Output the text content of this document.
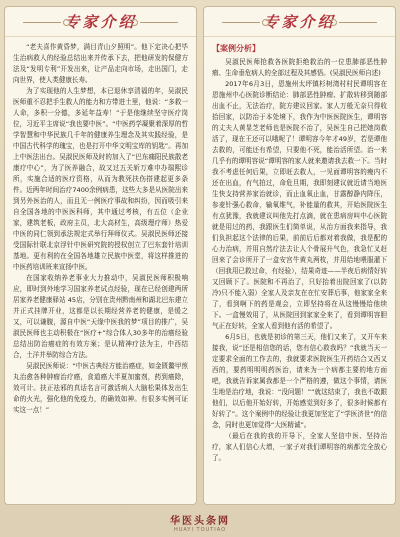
专家介绍

“老夫喜作黄昏梦，满目青山夕照明”。他下定决心把毕生治病救人的经验总结出来并传承下去，把他研发的保健方法及“发明专利”开发出来，让产品走向市场，走出国门，走向世界，使人类健康长寿。

为了实现他的人生梦想，本已退休享清福的年，吴淑民医师重不忍把手生救人的能力和方带进土里，他说：“多救一人命，多积一分德，多延年益寿！”于是他继续坚守医疗岗位，习近平主席说“我也要中医”。“中医药学凝聚着深厚的哲学智慧和中华民族几千年的健康养生理念及其实践经验，是中国古代科学的瑰宝，也是打开中华文明宝库的钥匙”。再加上中医法出台。吴淑民医师及时的加入了“巴东痛阳民族散老康疗中心”，为了医养融合，故又过五关斩万难申办瑞熙诊所，实施合适的医疗资格，从而为教死扶伤搭建起更多条件。近两年时间治疗7400余例病患，这些大多是从医院出来到另外医治的人，而且无一例医疗事故和纠纷，因而吸引来自全国各地的中医医科师，其中通过考核，有五位（企业家，建筑老板，政府主员，北大高材生，高级理疗师）热爱中医的同仁领到承法规定式举行拜师仪式。吴淑民医师还接受国际针联北京浮针中医研究院的授权创立了巴东套针培训基地。更有利的在全国各地雄立民族中医堂，将这样推进的中医药培训班来宣扬中医。

在国家收纳养老事业大力推动中，吴淑民医师积极响应，即时到外地学习国家养老试点经验，现在已经创建两所居家养老健康驿站 45店，分别在贵州黔南州和湖北巴东建立并正式挂牌开业，这都是以长期经营养老的健康，是缓之又，可以谦腹，源自中医“天缘中医我的梦”项目的推广，吴淑民医师也主动积极在“医疗+”综合体人30多年的治癌经验总结出防治癌症的有效方案；是认精神疗法为主，中西结合，土洋并举防综合方法。

吴淑民医师说：“中医古典经方能治癌症，如金匮鳖甲煎丸治愈各种肿瘤治疗癌，食道癌大半夏加蜜剂，药到癌除，效可计。扶正祛邪的真话名言可激活病人大脑松果体发出生命的火光，强化他的免疫力，的确效如神。有很多实例可证实这一点！”

专家介绍

【案例分析】

吴淑民医师抢救各医院拒绝救治的一位患肺部恶性肿瘤、生命垂危病人的全部过程及其感悟。(吴淑民医师自述)

2017年6月3日，恩施州太坪镇杉树湾村村民谭明容在恩施州中心医院诊断结论：肺部恶性肿瘤、扩散转移到随部出血不止，无法治疗，院方建议回家。家人万般无奈只得收拾回家，以防治于本处境下，我作为中医医院医生，谭明容的丈夫人黄显芝老师也是医院不治了，吴医生自己把她岗救活了，现在王还可以哦呢了！谭明容今年才49岁，若是谭他去救的，可能还有希望，只要他不死，能治活所望。治一来几乎有的谭明容说“谭明容的家人就来邀请我去救一下。当时我不考虑任何后果，立即赶去救人，一见面谭明容的瘦内不还在出血，有气拍过，命危旦期，我即刻建议就近请当地医生快支持营养家治就诊，而止血氧止血，甘露醇静内降压，参麦针强心救命，输氧维气，补能量的救其，开始医院医生有点犹豫，我就建议叫他先打点滴，就在患病房叫中心医院就是用过的药，我跟医生们简单说，从治方面我来指导，我们负担起这个法律的后果，前前后后都对着我做，我是配的心力治病，并用自然疗法去让人个骨展升气色，我急忙叉赶回来了会诊所开了一盒安宫牛黄丸两枚，并用给地喂服灌下（回我用已救过命，有经验），结果奇迹——半夜后病情好转又回顾下了。医院和不再治了，只好抬着出院回家了(以防冷)只不能入弱）全家人及亲友在在忙安葬后事，他家家全来了，看到啊下的药是观会，立即坚持将在从这慢慢给他续下。一盒慢效用了，从医院回到家家全来了，看到谭明容胆气正在好转，全家人看到他有活的希望了。

6月5日，也就是初诊的第三天，他们又来了，又开车来接我，说“还是相信您的话，您有信心救我吗？”我就当天一定要求全面的工作去的，我就要求医院医生开药结合又西又西的，要药明明明药医治，请来为一个病都主要的地方面吧，我就告诉家属我都是一个严格的遵，做这个事情，请医生地是治疗地，我说：“没问题！”“就这结束了，我也不敢跟他们，以后他开始好转，开始感觉到好多了，很多时候都有好转了”。这个案例中的经验让我更加坚定了“学医济世”的信念，同时也更加觉得“大医精诚”。

（最后在我的我的开导下，全家人坚信中医、坚持治疗，家人们信心大增，一家子对我们谭明容的病都完全放心了。

华医头条网
HUAYI TOUTIAO
